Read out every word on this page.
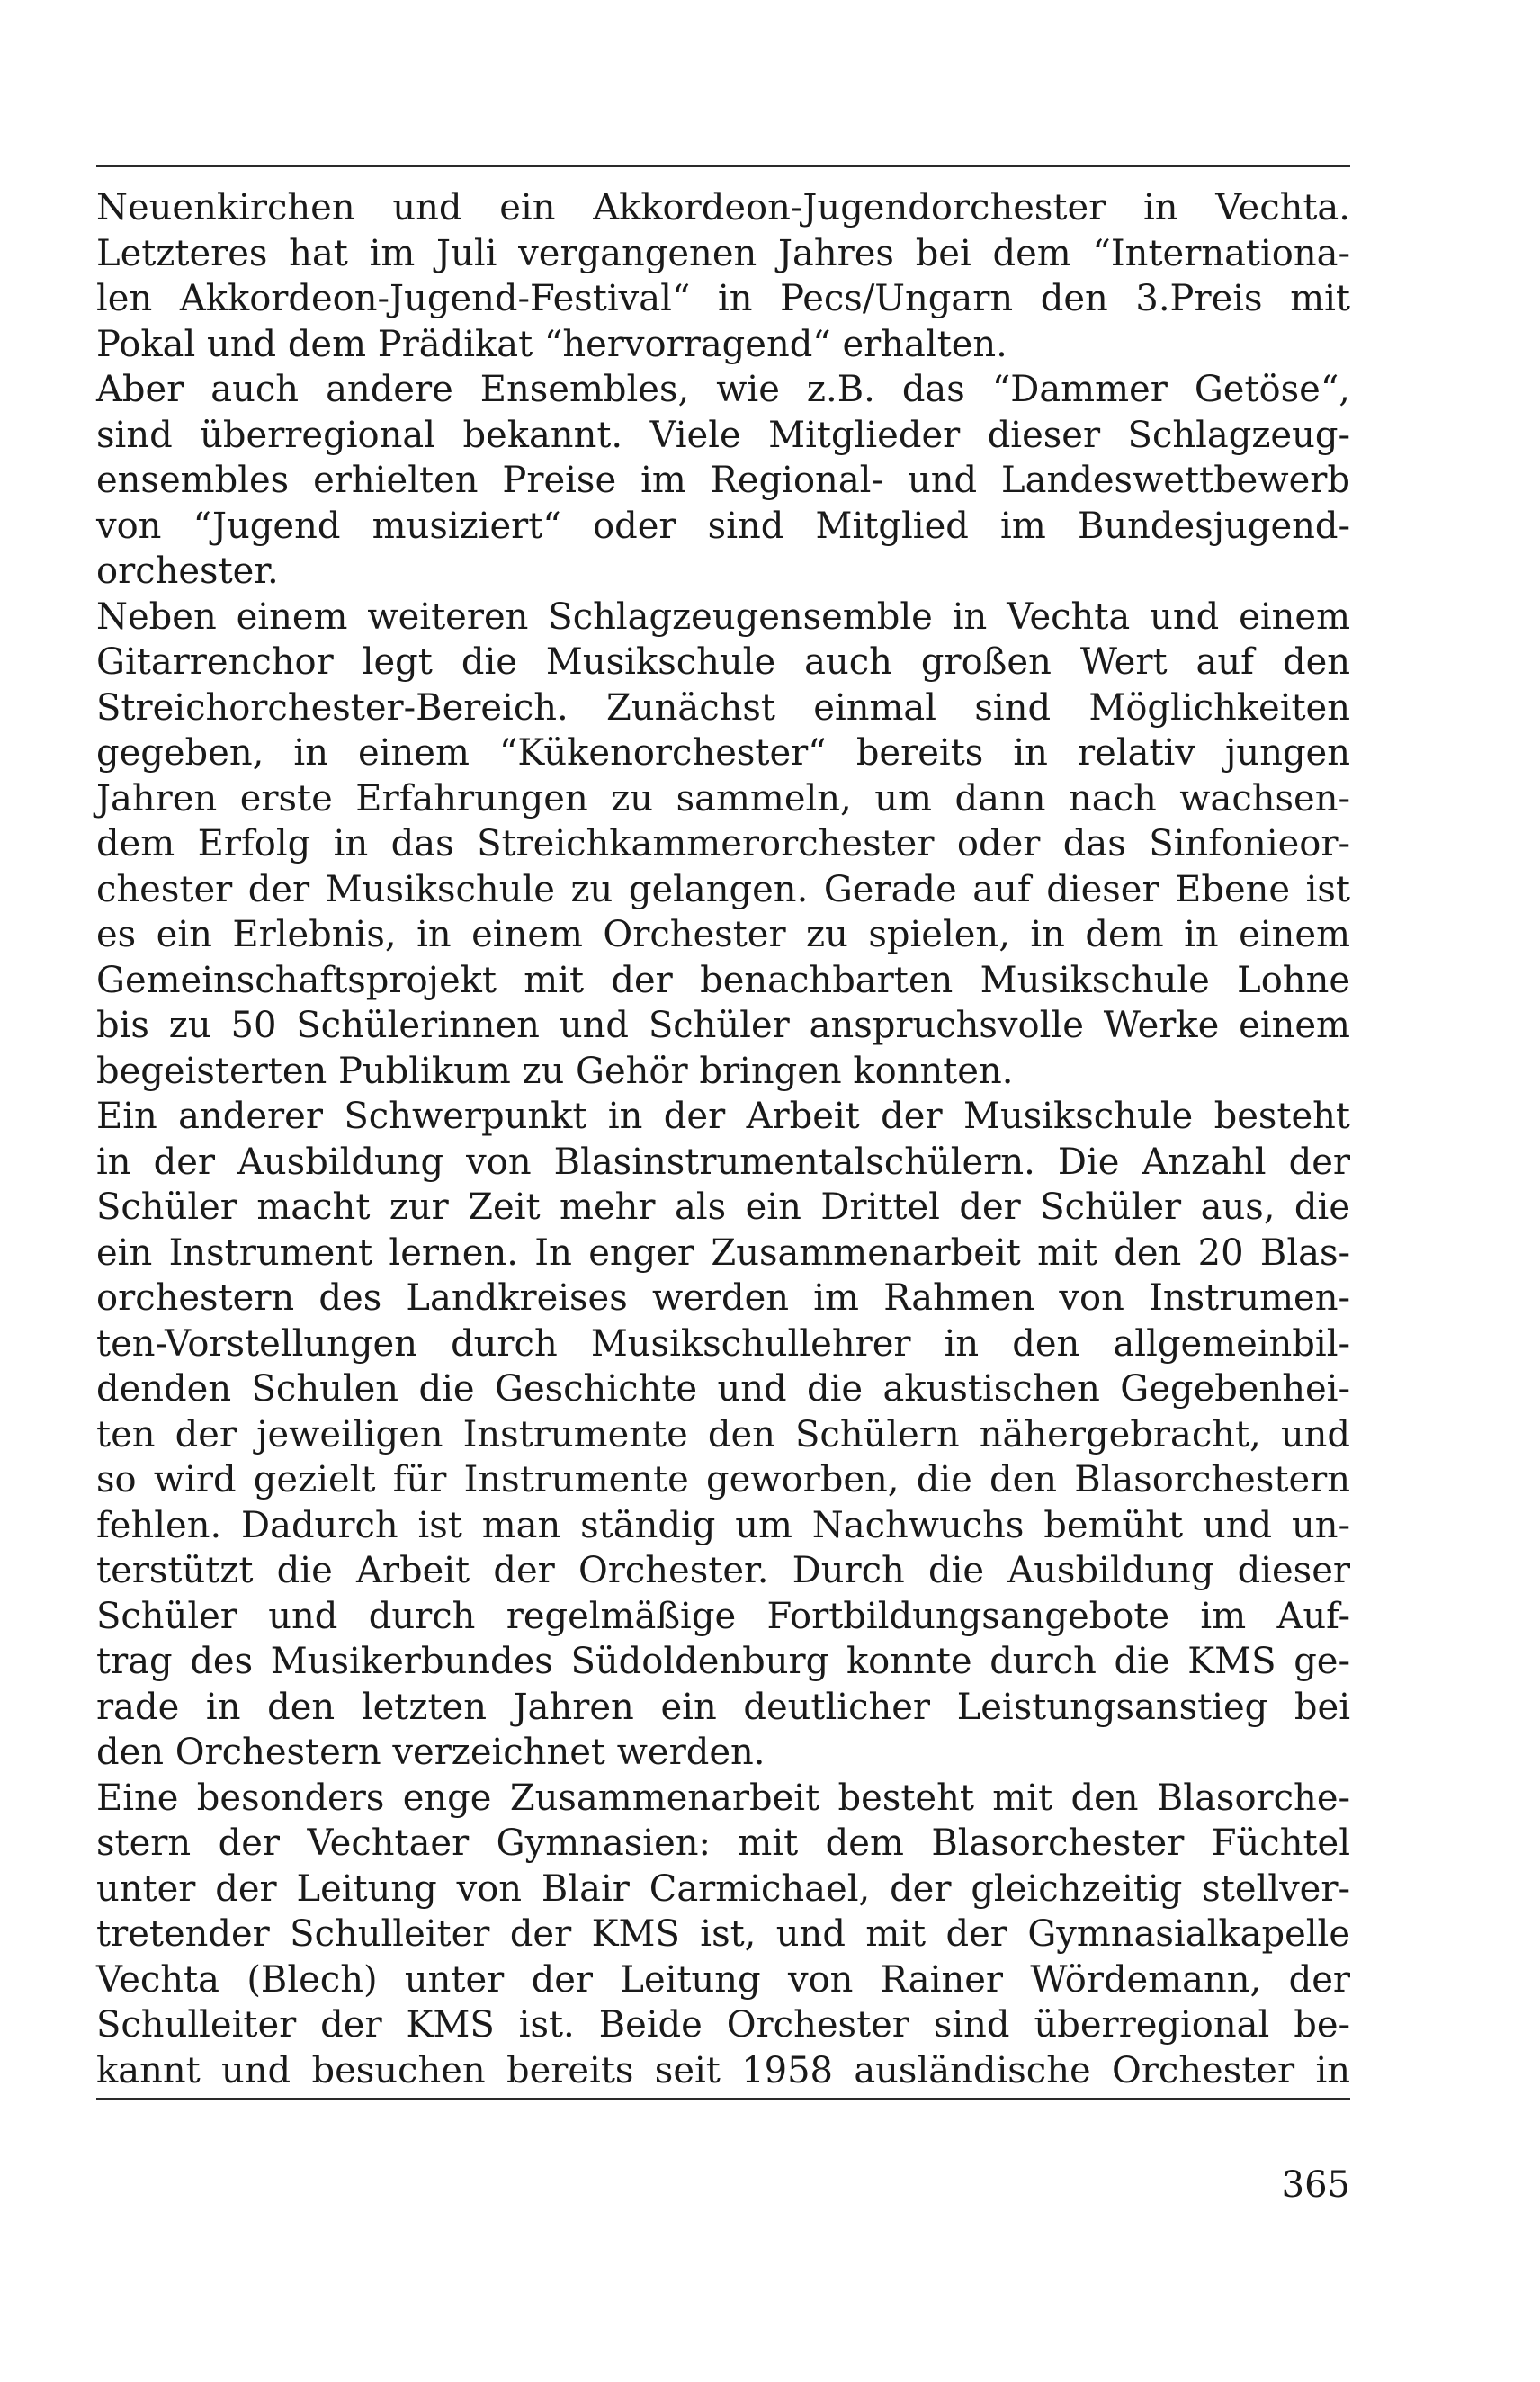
Neuenkirchen und ein Akkordeon-Jugendorchester in Vechta.
Letzteres hat im Juli vergangenen Jahres bei dem “Internationa-
len Akkordeon-Jugend-Festival“ in Pecs/Ungarn den 3.Preis mit
Pokal und dem Prädikat “hervorragend“ erhalten.
Aber auch andere Ensembles, wie z.B. das “Dammer Getöse“,
sind überregional bekannt. Viele Mitglieder dieser Schlagzeug-
ensembles erhielten Preise im Regional- und Landeswettbewerb
von “Jugend musiziert“ oder sind Mitglied im Bundesjugend-
orchester.
Neben einem weiteren Schlagzeugensemble in Vechta und einem
Gitarrenchor legt die Musikschule auch großen Wert auf den
Streichorchester-Bereich. Zunächst einmal sind Möglichkeiten
gegeben, in einem “Kükenorchester“ bereits in relativ jungen
Jahren erste Erfahrungen zu sammeln, um dann nach wachsen-
dem Erfolg in das Streichkammerorchester oder das Sinfonieor-
chester der Musikschule zu gelangen. Gerade auf dieser Ebene ist
es ein Erlebnis, in einem Orchester zu spielen, in dem in einem
Gemeinschaftsprojekt mit der benachbarten Musikschule Lohne
bis zu 50 Schülerinnen und Schüler anspruchsvolle Werke einem
begeisterten Publikum zu Gehör bringen konnten.
Ein anderer Schwerpunkt in der Arbeit der Musikschule besteht
in der Ausbildung von Blasinstrumentalschülern. Die Anzahl der
Schüler macht zur Zeit mehr als ein Drittel der Schüler aus, die
ein Instrument lernen. In enger Zusammenarbeit mit den 20 Blas-
orchestern des Landkreises werden im Rahmen von Instrumen-
ten-Vorstellungen durch Musikschullehrer in den allgemeinbil-
denden Schulen die Geschichte und die akustischen Gegebenhei-
ten der jeweiligen Instrumente den Schülern nähergebracht, und
so wird gezielt für Instrumente geworben, die den Blasorchestern
fehlen. Dadurch ist man ständig um Nachwuchs bemüht und un-
terstützt die Arbeit der Orchester. Durch die Ausbildung dieser
Schüler und durch regelmäßige Fortbildungsangebote im Auf-
trag des Musikerbundes Südoldenburg konnte durch die KMS ge-
rade in den letzten Jahren ein deutlicher Leistungsanstieg bei
den Orchestern verzeichnet werden.
Eine besonders enge Zusammenarbeit besteht mit den Blasorche-
stern der Vechtaer Gymnasien: mit dem Blasorchester Füchtel
unter der Leitung von Blair Carmichael, der gleichzeitig stellver-
tretender Schulleiter der KMS ist, und mit der Gymnasialkapelle
Vechta (Blech) unter der Leitung von Rainer Wördemann, der
Schulleiter der KMS ist. Beide Orchester sind überregional be-
kannt und besuchen bereits seit 1958 ausländische Orchester in
365
